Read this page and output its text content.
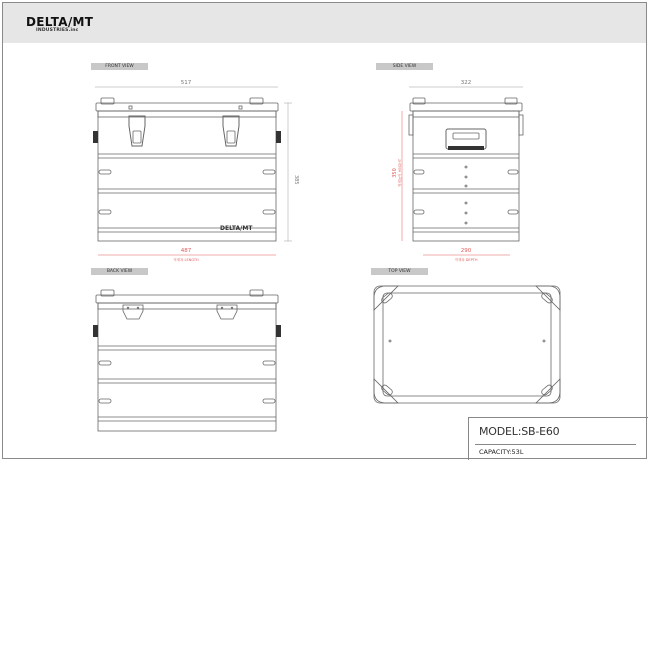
DELTA/MT
INDUSTRIES.inc
FRONT VIEW	SIDE VIEW
BACK VIEW	TOP VIEW
517
487
적재폭 LENGTH
385
DELTA/MT
322
290
적재폭 DEPTH
350 적재높이 HEIGHT
MODEL:SB-E60
CAPACITY:53L
